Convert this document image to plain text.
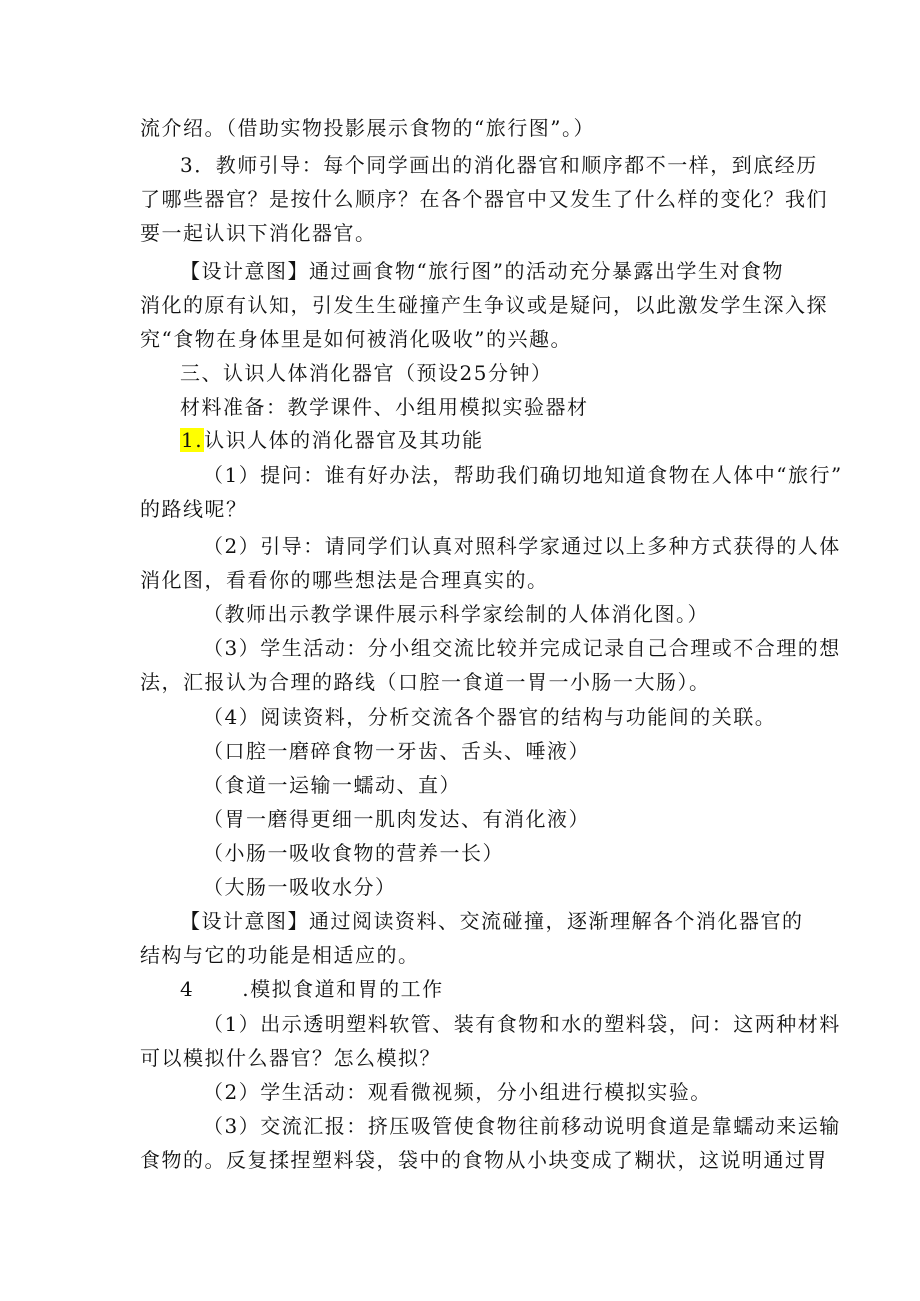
流介绍。（借助实物投影展示食物的“旅行图”。）
3．教师引导：每个同学画出的消化器官和顺序都不一样，到底经历
了哪些器官？是按什么顺序？在各个器官中又发生了什么样的变化？我们
要一起认识下消化器官。
【设计意图】通过画食物“旅行图”的活动充分暴露出学生对食物
消化的原有认知，引发生生碰撞产生争议或是疑问，以此激发学生深入探
究“食物在身体里是如何被消化吸收”的兴趣。
三、认识人体消化器官（预设25分钟）
材料准备：教学课件、小组用模拟实验器材
1.认识人体的消化器官及其功能
（1）提问：谁有好办法，帮助我们确切地知道食物在人体中“旅行”
的路线呢？
（2）引导：请同学们认真对照科学家通过以上多种方式获得的人体
消化图，看看你的哪些想法是合理真实的。
（教师出示教学课件展示科学家绘制的人体消化图。）
（3）学生活动：分小组交流比较并完成记录自己合理或不合理的想
法，汇报认为合理的路线（口腔一食道一胃一小肠一大肠）。
（4）阅读资料，分析交流各个器官的结构与功能间的关联。
（口腔一磨碎食物一牙齿、舌头、唾液）
（食道一运输一蠕动、直）
（胃一磨得更细一肌肉发达、有消化液）
（小肠一吸收食物的营养一长）
（大肠一吸收水分）
【设计意图】通过阅读资料、交流碰撞，逐渐理解各个消化器官的
结构与它的功能是相适应的。
4 .模拟食道和胃的工作
（1）出示透明塑料软管、装有食物和水的塑料袋，问：这两种材料
可以模拟什么器官？怎么模拟？
（2）学生活动：观看微视频，分小组进行模拟实验。
（3）交流汇报：挤压吸管使食物往前移动说明食道是靠蠕动来运输
食物的。反复揉捏塑料袋，袋中的食物从小块变成了糊状，这说明通过胃
